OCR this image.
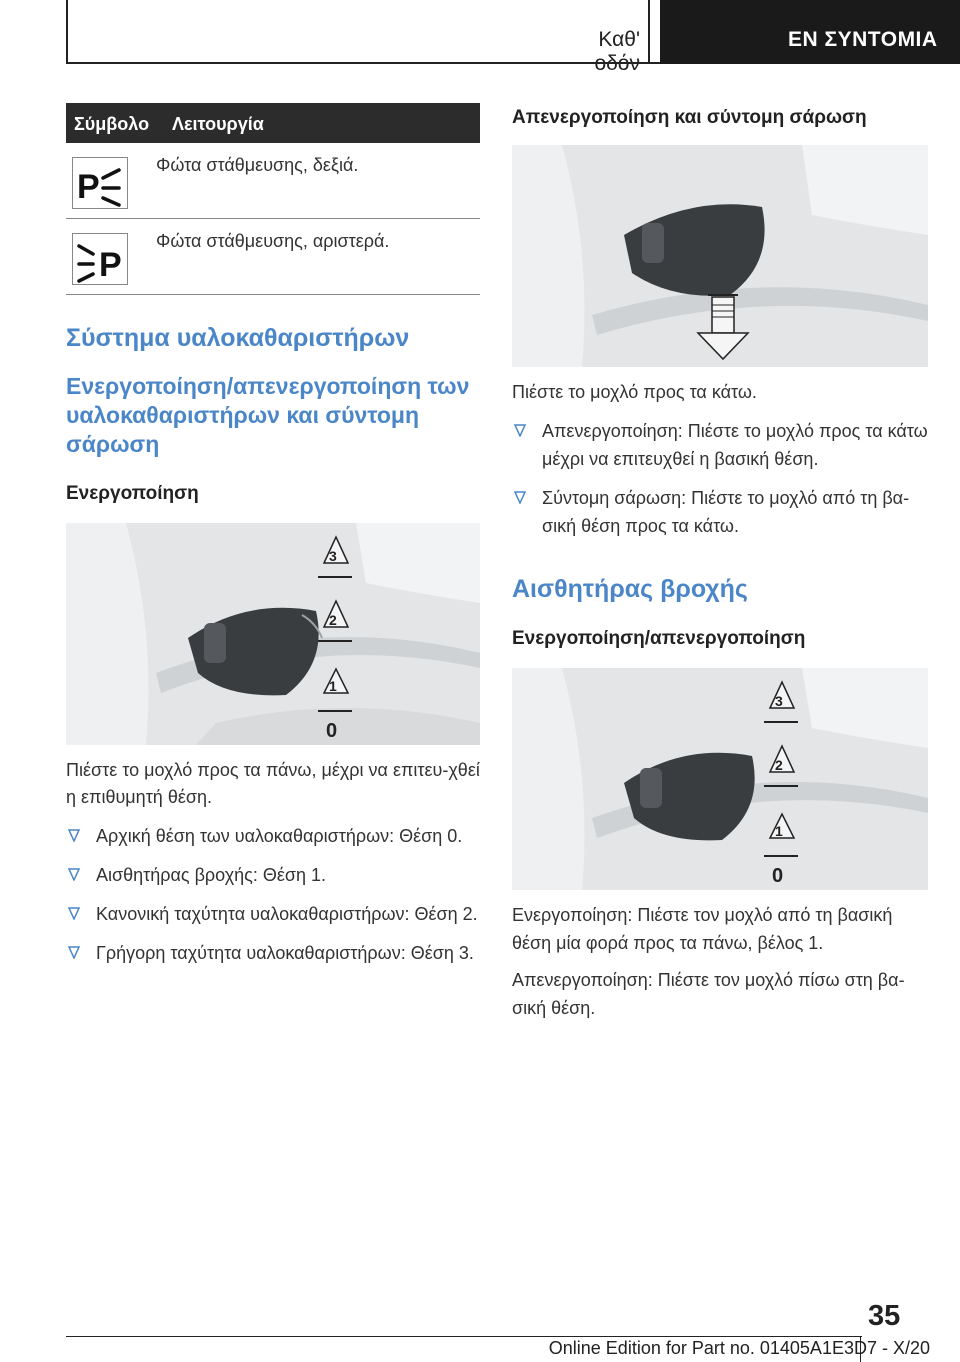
Καθ' οδόν
ΕΝ ΣΥΝΤΟΜΙΑ
Σύμβολο Λειτουργία
P
Φώτα στάθμευσης, δεξιά.
P
Φώτα στάθμευσης, αριστερά.
Σύστημα υαλοκαθαριστήρων
Ενεργοποίηση/απενεργοποίηση των υαλοκαθαριστήρων και σύντομη σάρωση
Ενεργοποίηση
1
2
3
0

Πιέστε το μοχλό προς τα πάνω, μέχρι να επιτευ-χθεί η επιθυμητή θέση.

Αρχική θέση των υαλοκαθαριστήρων: Θέση 0.
Αισθητήρας βροχής: Θέση 1.
Κανονική ταχύτητα υαλοκαθαριστήρων: Θέση 2.
Γρήγορη ταχύτητα υαλοκαθαριστήρων: Θέση 3.
Απενεργοποίηση και σύντομη σάρωση

Πιέστε το μοχλό προς τα κάτω.

Απενεργοποίηση: Πιέστε το μοχλό προς τα κάτω μέχρι να επιτευχθεί η βασική θέση.
Σύντομη σάρωση: Πιέστε το μοχλό από τη βα-σική θέση προς τα κάτω.
Αισθητήρας βροχής
Ενεργοποίηση/απενεργοποίηση
1
2
3
0

Ενεργοποίηση: Πιέστε τον μοχλό από τη βασική θέση μία φορά προς τα πάνω, βέλος 1.

Απενεργοποίηση: Πιέστε τον μοχλό πίσω στη βα-σική θέση.

35
Online Edition for Part no. 01405A1E3D7 - X/20
